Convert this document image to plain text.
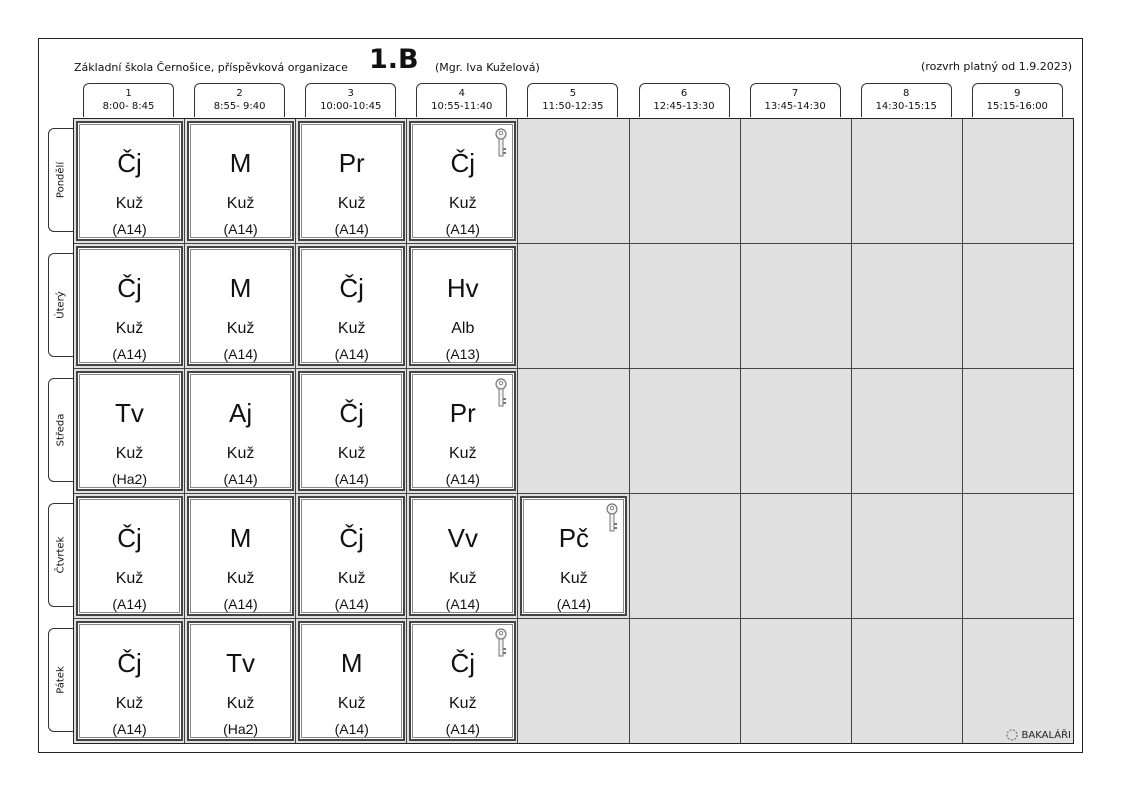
Základní škola Černošice, příspěvková organizace 1.B (Mgr. Iva Kuželová)	(rozvrh platný od 1.9.2023)
1
8:00- 8:45
2
8:55- 9:40
3
10:00-10:45
4
10:55-11:40
5
11:50-12:35
6
12:45-13:30
7
13:45-14:30
8
14:30-15:15
9
15:15-16:00
Pondělí
Úterý
Středa
Čtvrtek
Pátek
Čj
Kuž
(A14)
M
Kuž
(A14)
Pr
Kuž
(A14)
Čj
Kuž
(A14)
Čj
Kuž
(A14)
M
Kuž
(A14)
Čj
Kuž
(A14)
Hv
Alb
(A13)
Tv
Kuž
(Ha2)
Aj
Kuž
(A14)
Čj
Kuž
(A14)
Pr
Kuž
(A14)
Čj
Kuž
(A14)
M
Kuž
(A14)
Čj
Kuž
(A14)
Vv
Kuž
(A14)
Pč
Kuž
(A14)
Čj
Kuž
(A14)
Tv
Kuž
(Ha2)
M
Kuž
(A14)
Čj
Kuž
(A14)	BAKALÁŘI
